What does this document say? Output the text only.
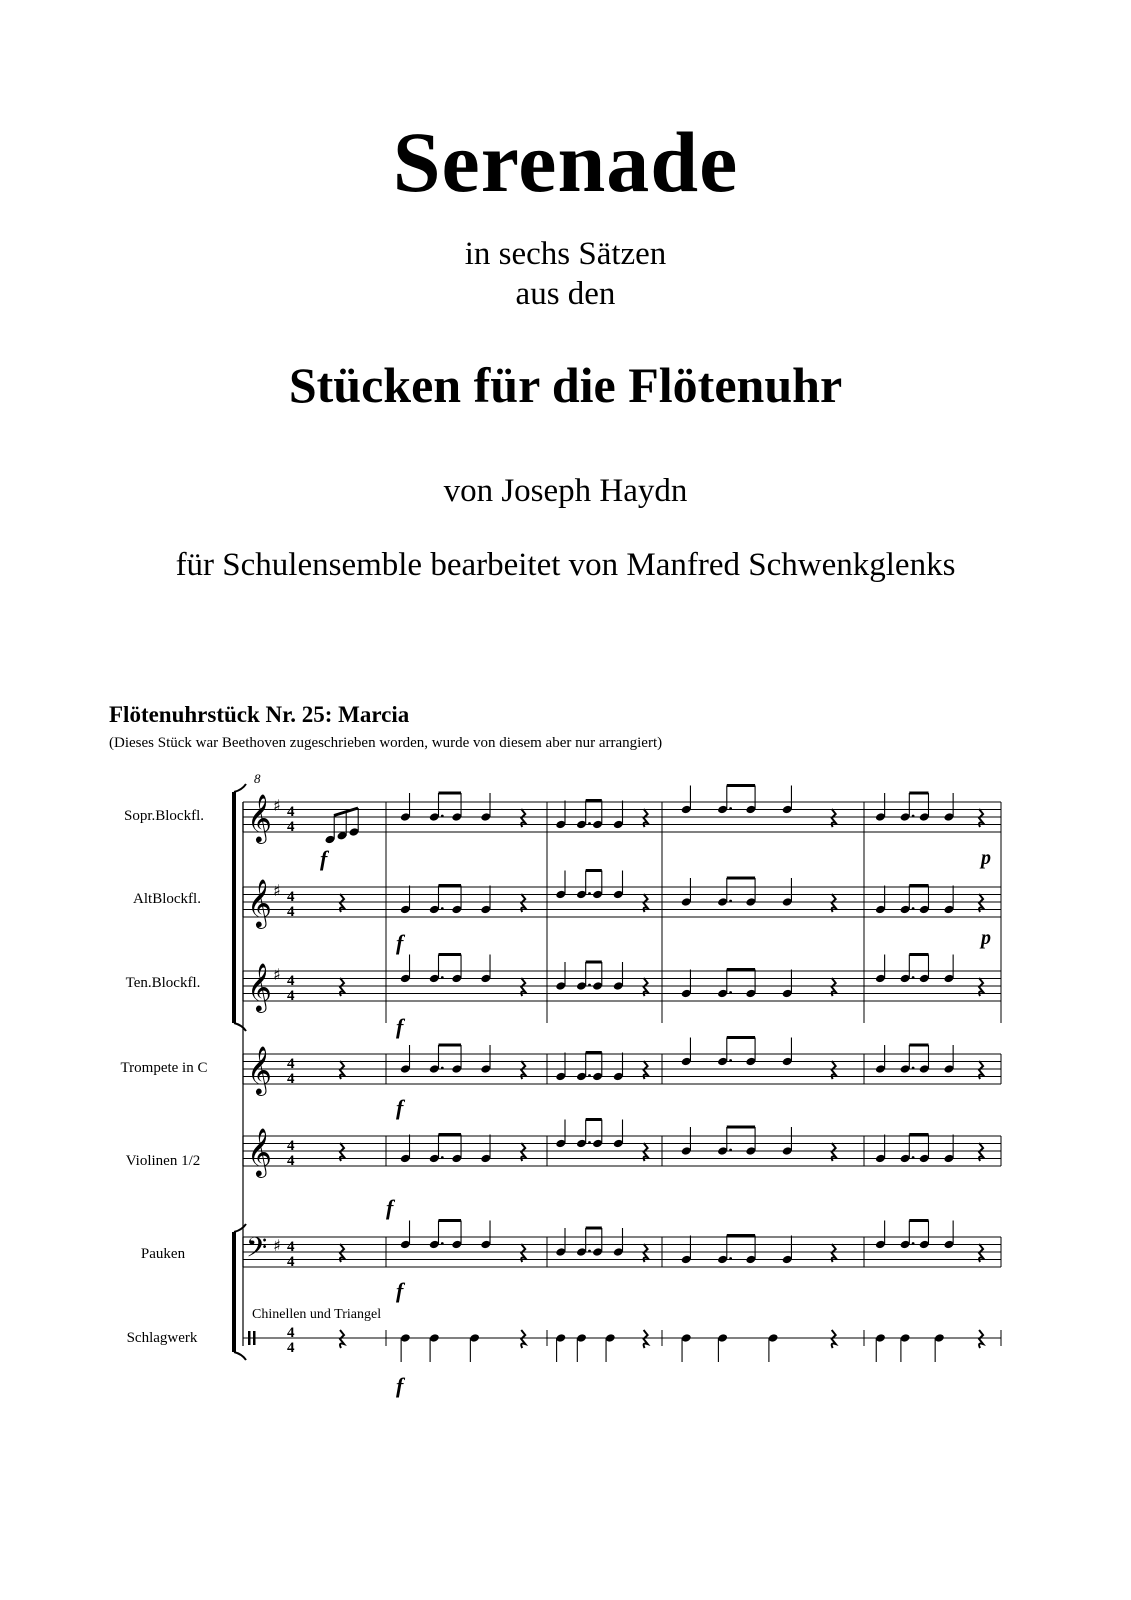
Serenade
in sechs Sätzen
aus den
Stücken für die Flötenuhr
von Joseph Haydn
für Schulensemble bearbeitet von Manfred Schwenkglenks
Flötenuhrstück Nr. 25: Marcia
(Dieses Stück war Beethoven zugeschrieben worden, wurde von diesem aber nur arrangiert)
Sopr.Blockfl.
AltBlockfl.
Ten.Blockfl.
Trompete in C
Violinen 1/2
Pauken
Schlagwerk
8
𝄞 ♯ 4
4
𝄞 ♯ 4
4
𝄞 ♯ 4
4
𝄞 4
4
𝄞 4
4
𝄢 ♯ 4
4
4
4
f	p
f	p
f
f
f
f
f
Chinellen und Triangel
